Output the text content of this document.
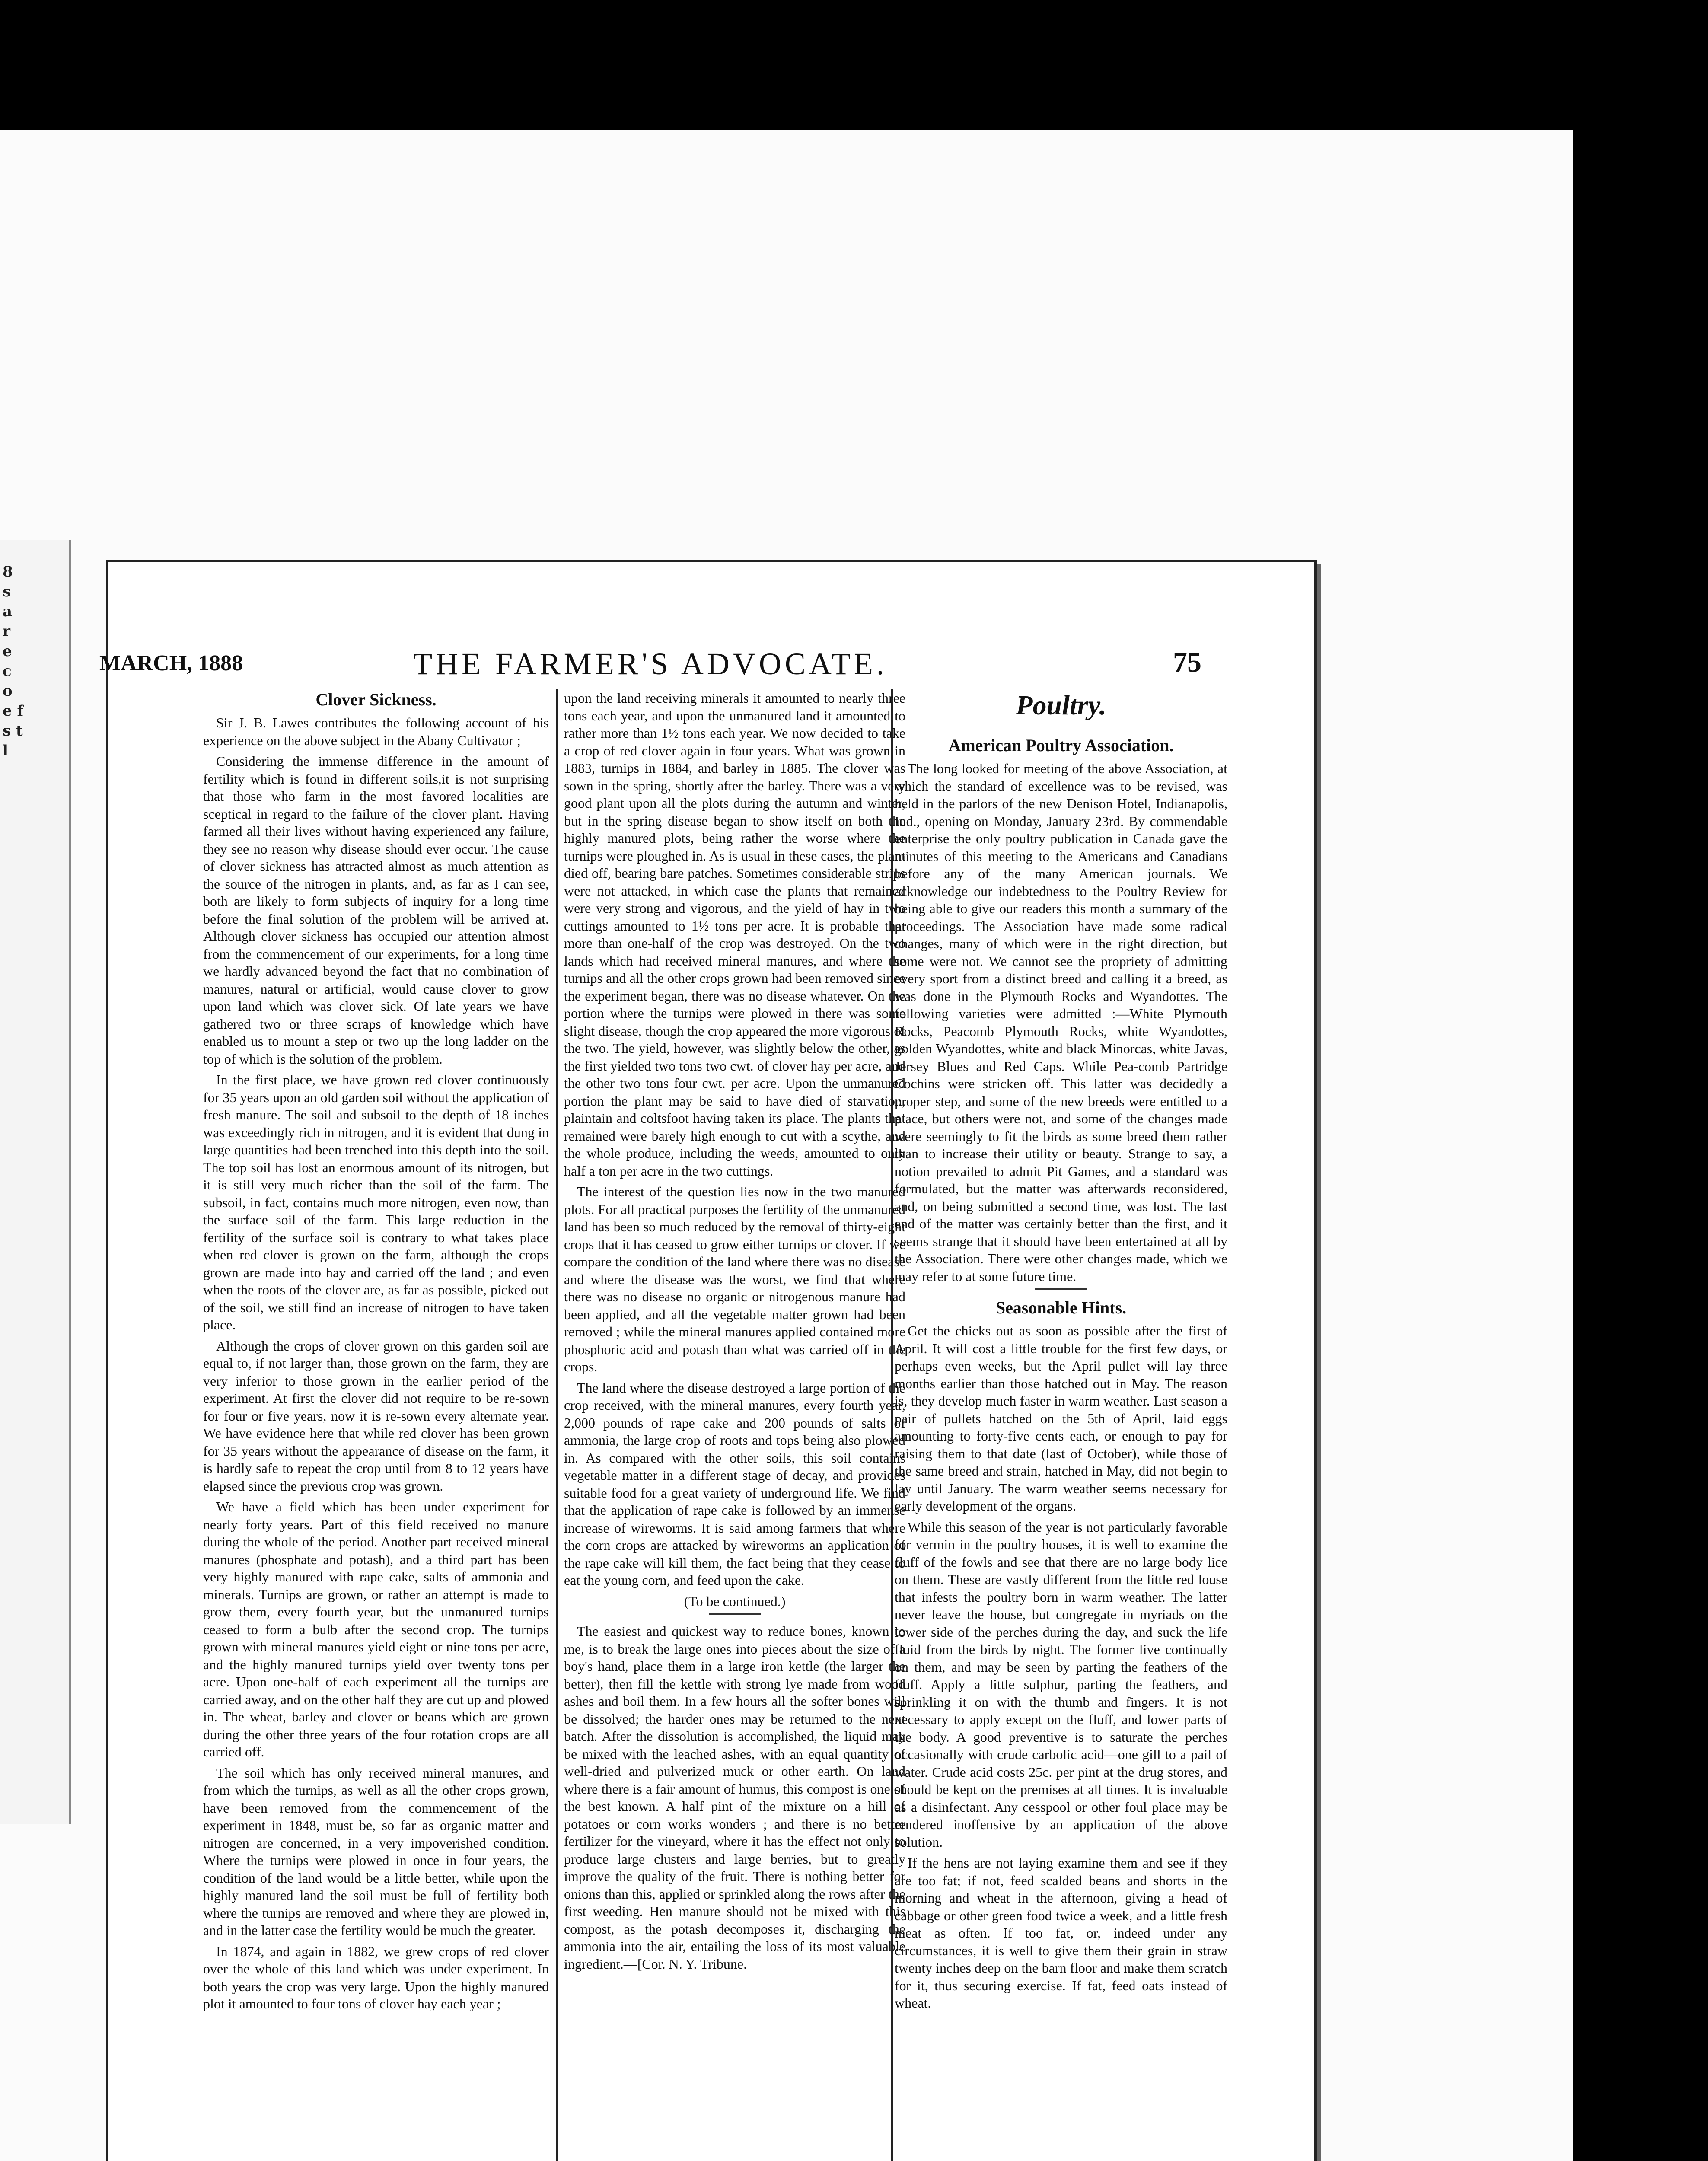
8 s a r e c o e f s t l
MARCH, 1888	THE FARMER'S ADVOCATE.	75
Clover Sickness.

Sir J. B. Lawes contributes the following account of his experience on the above subject in the Abany Cultivator ;

Considering the immense difference in the amount of fertility which is found in different soils,it is not surprising that those who farm in the most favored localities are sceptical in regard to the failure of the clover plant. Having farmed all their lives without having experienced any failure, they see no reason why disease should ever occur. The cause of clover sickness has attracted almost as much attention as the source of the nitrogen in plants, and, as far as I can see, both are likely to form subjects of inquiry for a long time before the final solution of the problem will be arrived at. Although clover sickness has occupied our attention almost from the commencement of our experiments, for a long time we hardly advanced beyond the fact that no combination of manures, natural or artificial, would cause clover to grow upon land which was clover sick. Of late years we have gathered two or three scraps of knowledge which have enabled us to mount a step or two up the long ladder on the top of which is the solution of the problem.

In the first place, we have grown red clover continuously for 35 years upon an old garden soil without the application of fresh manure. The soil and subsoil to the depth of 18 inches was exceedingly rich in nitrogen, and it is evident that dung in large quantities had been trenched into this depth into the soil. The top soil has lost an enormous amount of its nitrogen, but it is still very much richer than the soil of the farm. The subsoil, in fact, contains much more nitrogen, even now, than the surface soil of the farm. This large reduction in the fertility of the surface soil is contrary to what takes place when red clover is grown on the farm, although the crops grown are made into hay and carried off the land ; and even when the roots of the clover are, as far as possible, picked out of the soil, we still find an increase of nitrogen to have taken place.

Although the crops of clover grown on this garden soil are equal to, if not larger than, those grown on the farm, they are very inferior to those grown in the earlier period of the experiment. At first the clover did not require to be re-sown for four or five years, now it is re-sown every alternate year. We have evidence here that while red clover has been grown for 35 years without the appearance of disease on the farm, it is hardly safe to repeat the crop until from 8 to 12 years have elapsed since the previous crop was grown.

We have a field which has been under experiment for nearly forty years. Part of this field received no manure during the whole of the period. Another part received mineral manures (phosphate and potash), and a third part has been very highly manured with rape cake, salts of ammonia and minerals. Turnips are grown, or rather an attempt is made to grow them, every fourth year, but the unmanured turnips ceased to form a bulb after the second crop. The turnips grown with mineral manures yield eight or nine tons per acre, and the highly manured turnips yield over twenty tons per acre. Upon one-half of each experiment all the turnips are carried away, and on the other half they are cut up and plowed in. The wheat, barley and clover or beans which are grown during the other three years of the four rotation crops are all carried off.

The soil which has only received mineral manures, and from which the turnips, as well as all the other crops grown, have been removed from the commencement of the experiment in 1848, must be, so far as organic matter and nitrogen are concerned, in a very impoverished condition. Where the turnips were plowed in once in four years, the condition of the land would be a little better, while upon the highly manured land the soil must be full of fertility both where the turnips are removed and where they are plowed in, and in the latter case the fertility would be much the greater.

In 1874, and again in 1882, we grew crops of red clover over the whole of this land which was under experiment. In both years the crop was very large. Upon the highly manured plot it amounted to four tons of clover hay each year ;

upon the land receiving minerals it amounted to nearly three tons each year, and upon the unmanured land it amounted to rather more than 1½ tons each year. We now decided to take a crop of red clover again in four years. What was grown in 1883, turnips in 1884, and barley in 1885. The clover was sown in the spring, shortly after the barley. There was a very good plant upon all the plots during the autumn and winter, but in the spring disease began to show itself on both the highly manured plots, being rather the worse where the turnips were ploughed in. As is usual in these cases, the plant died off, bearing bare patches. Sometimes considerable strips were not attacked, in which case the plants that remained were very strong and vigorous, and the yield of hay in two cuttings amounted to 1½ tons per acre. It is probable that more than one-half of the crop was destroyed. On the two lands which had received mineral manures, and where the turnips and all the other crops grown had been removed since the experiment began, there was no disease whatever. On the portion where the turnips were plowed in there was some slight disease, though the crop appeared the more vigorous of the two. The yield, however, was slightly below the other, as the first yielded two tons two cwt. of clover hay per acre, and the other two tons four cwt. per acre. Upon the unmanured portion the plant may be said to have died of starvation, plaintain and coltsfoot having taken its place. The plants that remained were barely high enough to cut with a scythe, and the whole produce, including the weeds, amounted to only half a ton per acre in the two cuttings.

The interest of the question lies now in the two manured plots. For all practical purposes the fertility of the unmanured land has been so much reduced by the removal of thirty-eight crops that it has ceased to grow either turnips or clover. If we compare the condition of the land where there was no disease and where the disease was the worst, we find that where there was no disease no organic or nitrogenous manure had been applied, and all the vegetable matter grown had been removed ; while the mineral manures applied contained more phosphoric acid and potash than what was carried off in the crops.

The land where the disease destroyed a large portion of the crop received, with the mineral manures, every fourth year, 2,000 pounds of rape cake and 200 pounds of salts of ammonia, the large crop of roots and tops being also plowed in. As compared with the other soils, this soil contains vegetable matter in a different stage of decay, and provides suitable food for a great variety of underground life. We find that the application of rape cake is followed by an immense increase of wireworms. It is said among farmers that where the corn crops are attacked by wireworms an application of the rape cake will kill them, the fact being that they cease to eat the young corn, and feed upon the cake.

(To be continued.)

The easiest and quickest way to reduce bones, known to me, is to break the large ones into pieces about the size of a boy's hand, place them in a large iron kettle (the larger the better), then fill the kettle with strong lye made from wood ashes and boil them. In a few hours all the softer bones will be dissolved; the harder ones may be returned to the next batch. After the dissolution is accomplished, the liquid may be mixed with the leached ashes, with an equal quantity of well-dried and pulverized muck or other earth. On land where there is a fair amount of humus, this compost is one of the best known. A half pint of the mixture on a hill of potatoes or corn works wonders ; and there is no better fertilizer for the vineyard, where it has the effect not only to produce large clusters and large berries, but to greatly improve the quality of the fruit. There is nothing better for onions than this, applied or sprinkled along the rows after the first weeding. Hen manure should not be mixed with this compost, as the potash decomposes it, discharging the ammonia into the air, entailing the loss of its most valuable ingredient.—[Cor. N. Y. Tribune.

Poultry.
American Poultry Association.

The long looked for meeting of the above Association, at which the standard of excellence was to be revised, was held in the parlors of the new Denison Hotel, Indianapolis, Ind., opening on Monday, January 23rd. By commendable enterprise the only poultry publication in Canada gave the minutes of this meeting to the Americans and Canadians before any of the many American journals. We acknowledge our indebtedness to the Poultry Review for being able to give our readers this month a summary of the proceedings. The Association have made some radical changes, many of which were in the right direction, but some were not. We cannot see the propriety of admitting every sport from a distinct breed and calling it a breed, as was done in the Plymouth Rocks and Wyandottes. The following varieties were admitted :—White Plymouth Rocks, Peacomb Plymouth Rocks, white Wyandottes, golden Wyandottes, white and black Minorcas, white Javas, Jersey Blues and Red Caps. While Pea-comb Partridge Cochins were stricken off. This latter was decidedly a proper step, and some of the new breeds were entitled to a place, but others were not, and some of the changes made were seemingly to fit the birds as some breed them rather than to increase their utility or beauty. Strange to say, a notion prevailed to admit Pit Games, and a standard was formulated, but the matter was afterwards reconsidered, and, on being submitted a second time, was lost. The last end of the matter was certainly better than the first, and it seems strange that it should have been entertained at all by the Association. There were other changes made, which we may refer to at some future time.

Seasonable Hints.

Get the chicks out as soon as possible after the first of April. It will cost a little trouble for the first few days, or perhaps even weeks, but the April pullet will lay three months earlier than those hatched out in May. The reason is, they develop much faster in warm weather. Last season a pair of pullets hatched on the 5th of April, laid eggs amounting to forty-five cents each, or enough to pay for raising them to that date (last of October), while those of the same breed and strain, hatched in May, did not begin to lay until January. The warm weather seems necessary for early development of the organs.

While this season of the year is not particularly favorable for vermin in the poultry houses, it is well to examine the fluff of the fowls and see that there are no large body lice on them. These are vastly different from the little red louse that infests the poultry born in warm weather. The latter never leave the house, but congregate in myriads on the lower side of the perches during the day, and suck the life fluid from the birds by night. The former live continually on them, and may be seen by parting the feathers of the fluff. Apply a little sulphur, parting the feathers, and sprinkling it on with the thumb and fingers. It is not necessary to apply except on the fluff, and lower parts of the body. A good preventive is to saturate the perches occasionally with crude carbolic acid—one gill to a pail of water. Crude acid costs 25c. per pint at the drug stores, and should be kept on the premises at all times. It is invaluable as a disinfectant. Any cesspool or other foul place may be rendered inoffensive by an application of the above solution.

If the hens are not laying examine them and see if they are too fat; if not, feed scalded beans and shorts in the morning and wheat in the afternoon, giving a head of cabbage or other green food twice a week, and a little fresh meat as often. If too fat, or, indeed under any circumstances, it is well to give them their grain in straw twenty inches deep on the barn floor and make them scratch for it, thus securing exercise. If fat, feed oats instead of wheat.
